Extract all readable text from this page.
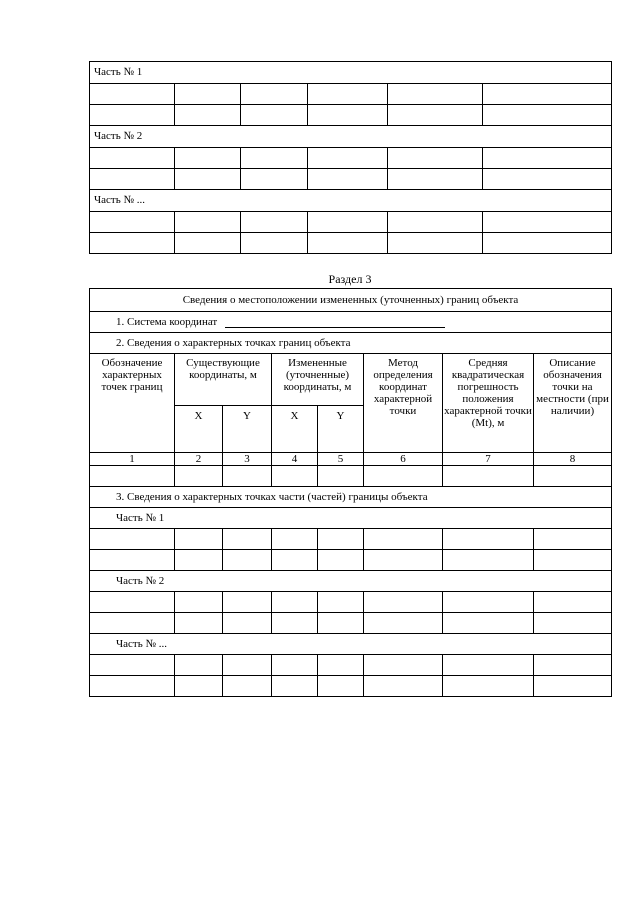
Часть № 1					

Часть № 2					

Часть № ...					

Раздел 3
Сведения о местоположении измененных (уточненных) границ объекта							
1. Система координат							
2. Сведения о характерных точках границ объекта							
Обозначение характерных точек границ	Существующие координаты, м		Измененные (уточненные) координаты, м		Метод определения координат характерной точки	Средняя квадратическая погрешность положения характерной точки (Mt), м	Описание обозначения точки на местности (при наличии)
	X	Y	X	Y			
1	2	3	4	5	6	7	8

3. Сведения о характерных точках части (частей) границы объекта							
Часть № 1							

Часть № 2							

Часть № ...							
